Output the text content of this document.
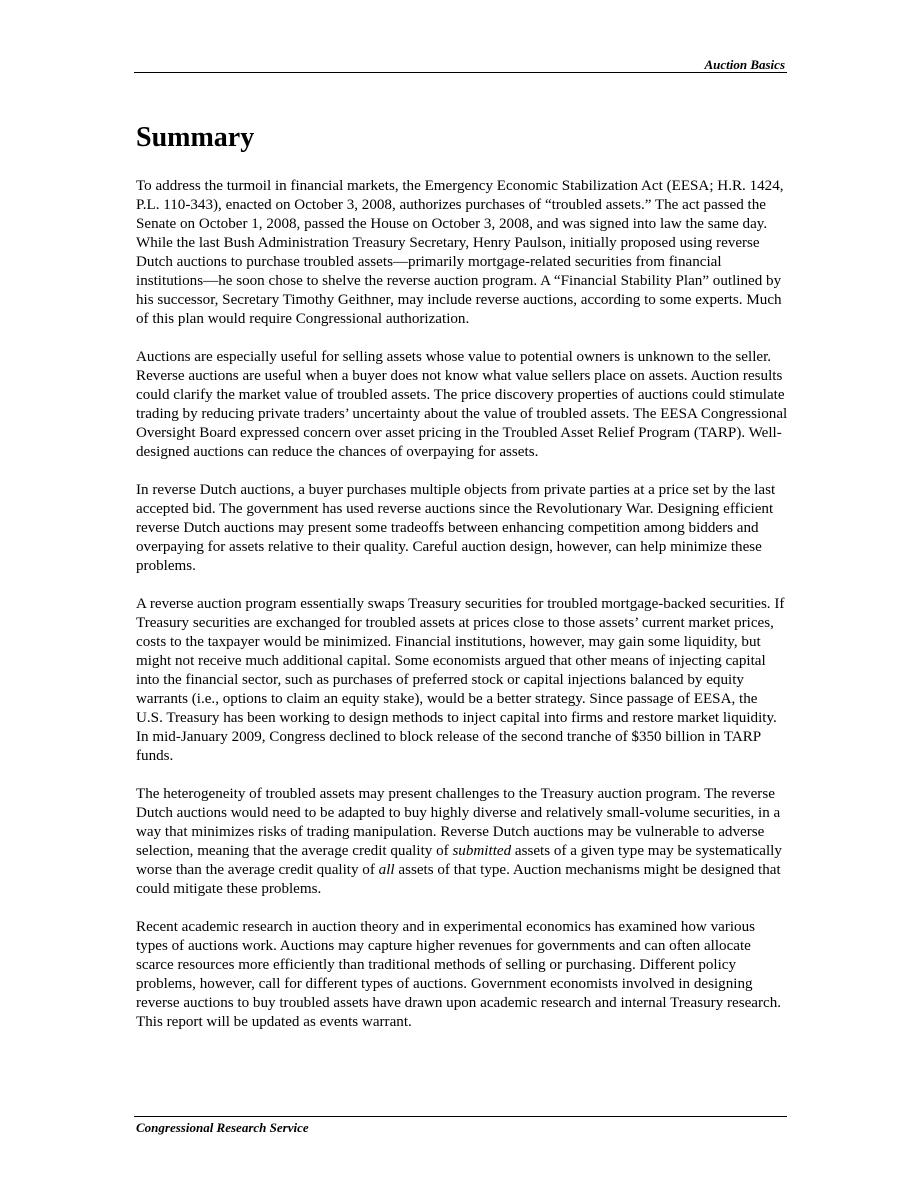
Auction Basics
Summary

To address the turmoil in financial markets, the Emergency Economic Stabilization Act (EESA; H.R. 1424, P.L. 110-343), enacted on October 3, 2008, authorizes purchases of “troubled assets.” The act passed the Senate on October 1, 2008, passed the House on October 3, 2008, and was signed into law the same day. While the last Bush Administration Treasury Secretary, Henry Paulson, initially proposed using reverse Dutch auctions to purchase troubled assets—primarily mortgage-related securities from financial institutions—he soon chose to shelve the reverse auction program. A “Financial Stability Plan” outlined by his successor, Secretary Timothy Geithner, may include reverse auctions, according to some experts. Much of this plan would require Congressional authorization.

Auctions are especially useful for selling assets whose value to potential owners is unknown to the seller. Reverse auctions are useful when a buyer does not know what value sellers place on assets. Auction results could clarify the market value of troubled assets. The price discovery properties of auctions could stimulate trading by reducing private traders’ uncertainty about the value of troubled assets. The EESA Congressional Oversight Board expressed concern over asset pricing in the Troubled Asset Relief Program (TARP). Well-designed auctions can reduce the chances of overpaying for assets.

In reverse Dutch auctions, a buyer purchases multiple objects from private parties at a price set by the last accepted bid. The government has used reverse auctions since the Revolutionary War. Designing efficient reverse Dutch auctions may present some tradeoffs between enhancing competition among bidders and overpaying for assets relative to their quality. Careful auction design, however, can help minimize these problems.

A reverse auction program essentially swaps Treasury securities for troubled mortgage-backed securities. If Treasury securities are exchanged for troubled assets at prices close to those assets’ current market prices, costs to the taxpayer would be minimized. Financial institutions, however, may gain some liquidity, but might not receive much additional capital. Some economists argued that other means of injecting capital into the financial sector, such as purchases of preferred stock or capital injections balanced by equity warrants (i.e., options to claim an equity stake), would be a better strategy. Since passage of EESA, the U.S. Treasury has been working to design methods to inject capital into firms and restore market liquidity. In mid-January 2009, Congress declined to block release of the second tranche of $350 billion in TARP funds.

The heterogeneity of troubled assets may present challenges to the Treasury auction program. The reverse Dutch auctions would need to be adapted to buy highly diverse and relatively small-volume securities, in a way that minimizes risks of trading manipulation. Reverse Dutch auctions may be vulnerable to adverse selection, meaning that the average credit quality of submitted assets of a given type may be systematically worse than the average credit quality of all assets of that type. Auction mechanisms might be designed that could mitigate these problems.

Recent academic research in auction theory and in experimental economics has examined how various types of auctions work. Auctions may capture higher revenues for governments and can often allocate scarce resources more efficiently than traditional methods of selling or purchasing. Different policy problems, however, call for different types of auctions. Government economists involved in designing reverse auctions to buy troubled assets have drawn upon academic research and internal Treasury research. This report will be updated as events warrant.

Congressional Research Service
